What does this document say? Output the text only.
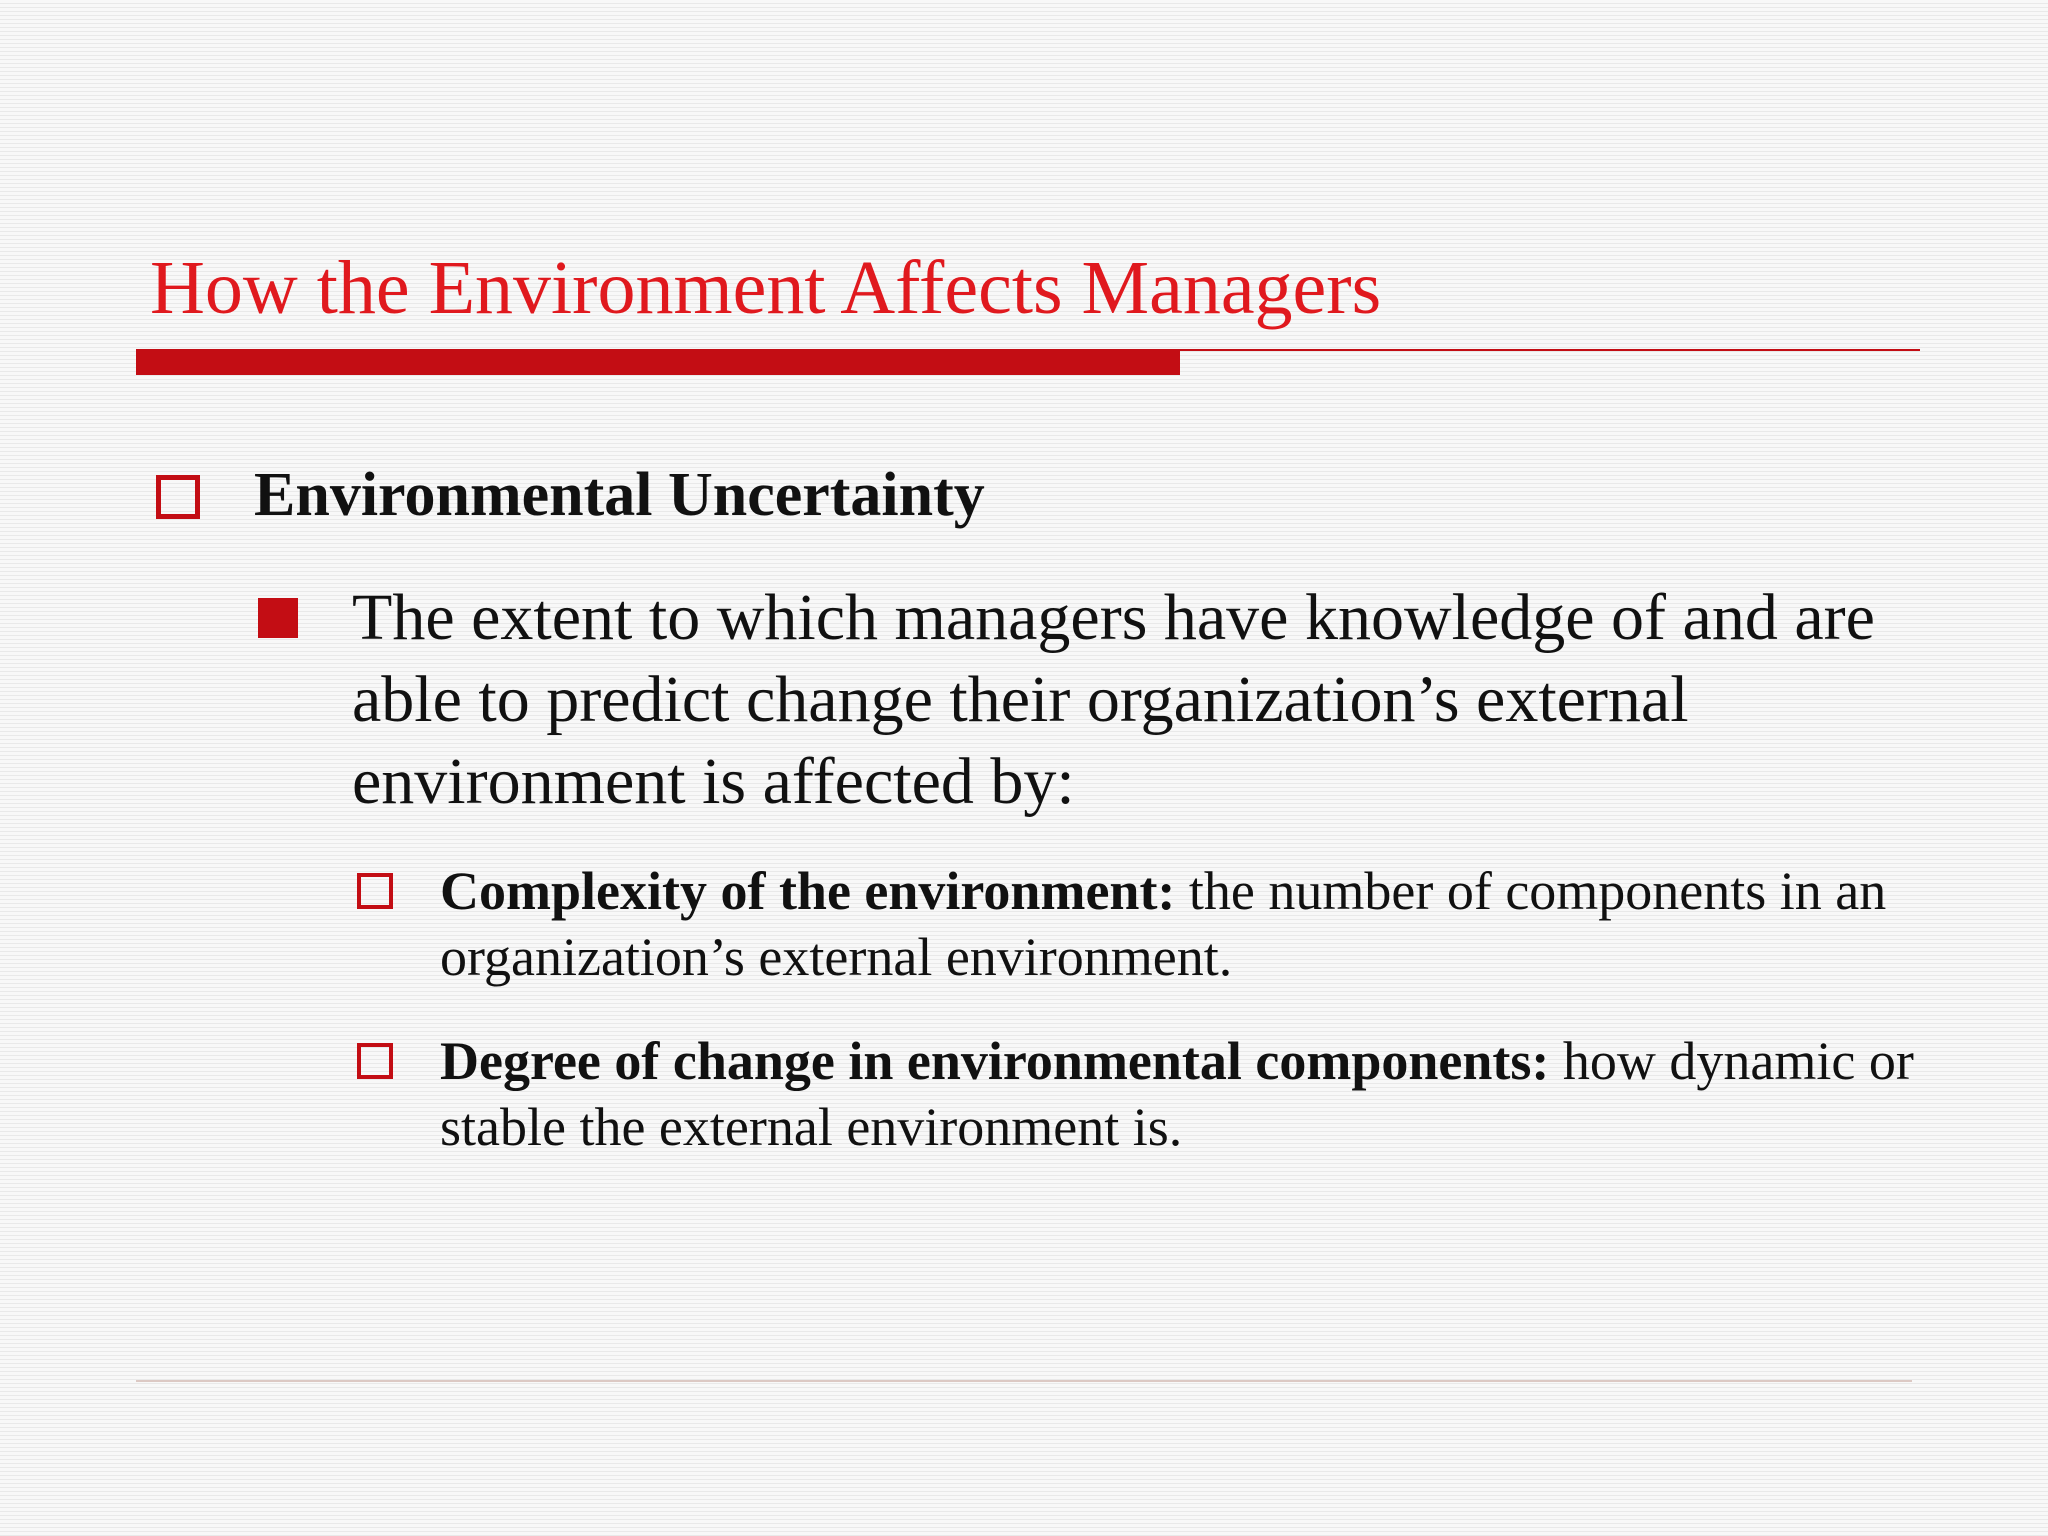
How the Environment Affects Managers
Environmental Uncertainty
The extent to which managers have knowledge of and are able to predict change their organization’s external environment is affected by:
Complexity of the environment: the number of components in an organization’s external environment.
Degree of change in environmental components: how dynamic or stable the external environment is.
